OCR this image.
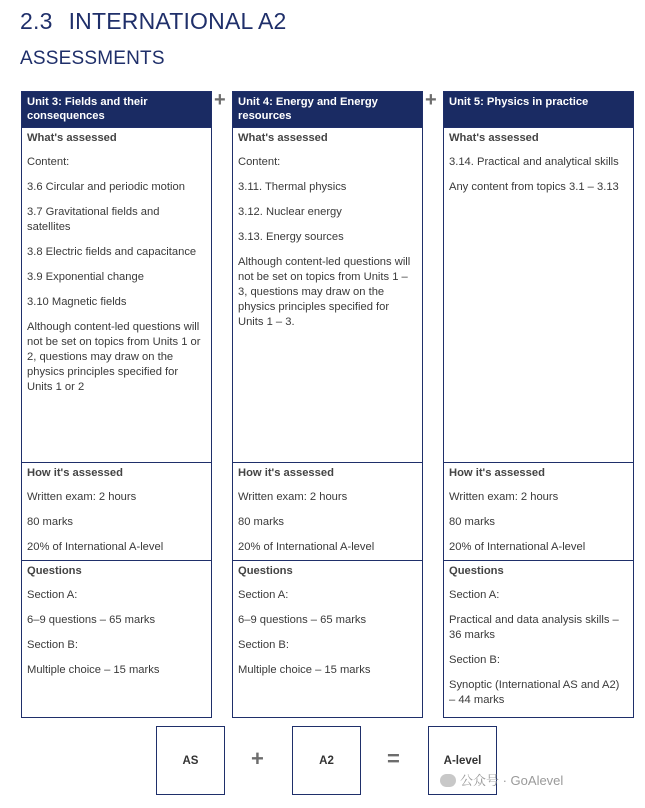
2.3 INTERNATIONAL A2
ASSESSMENTS
Unit 3: Fields and their consequences
What's assessed
Content:
3.6 Circular and periodic motion
3.7 Gravitational fields and satellites
3.8 Electric fields and capacitance
3.9 Exponential change
3.10 Magnetic fields
Although content-led questions will not be set on topics from Units 1 or 2, questions may draw on the physics principles specified for Units 1 or 2
How it's assessed
Written exam: 2 hours
80 marks
20% of International A-level
Questions
Section A:
6–9 questions – 65 marks
Section B:
Multiple choice – 15 marks
+	Unit 4: Energy and Energy resources
What's assessed
Content:
3.11. Thermal physics
3.12. Nuclear energy
3.13. Energy sources
Although content-led questions will not be set on topics from Units 1 – 3, questions may draw on the physics principles specified for Units 1 – 3.
How it's assessed
Written exam: 2 hours
80 marks
20% of International A-level
Questions
Section A:
6–9 questions – 65 marks
Section B:
Multiple choice – 15 marks
+	Unit 5: Physics in practice
What's assessed
3.14. Practical and analytical skills
Any content from topics 3.1 – 3.13
How it's assessed
Written exam: 2 hours
80 marks
20% of International A-level
Questions
Section A:
Practical and data analysis skills – 36 marks
Section B:
Synoptic (International AS and A2) – 44 marks
AS	+	A2	=	A-level
公众号 · GoAlevel
